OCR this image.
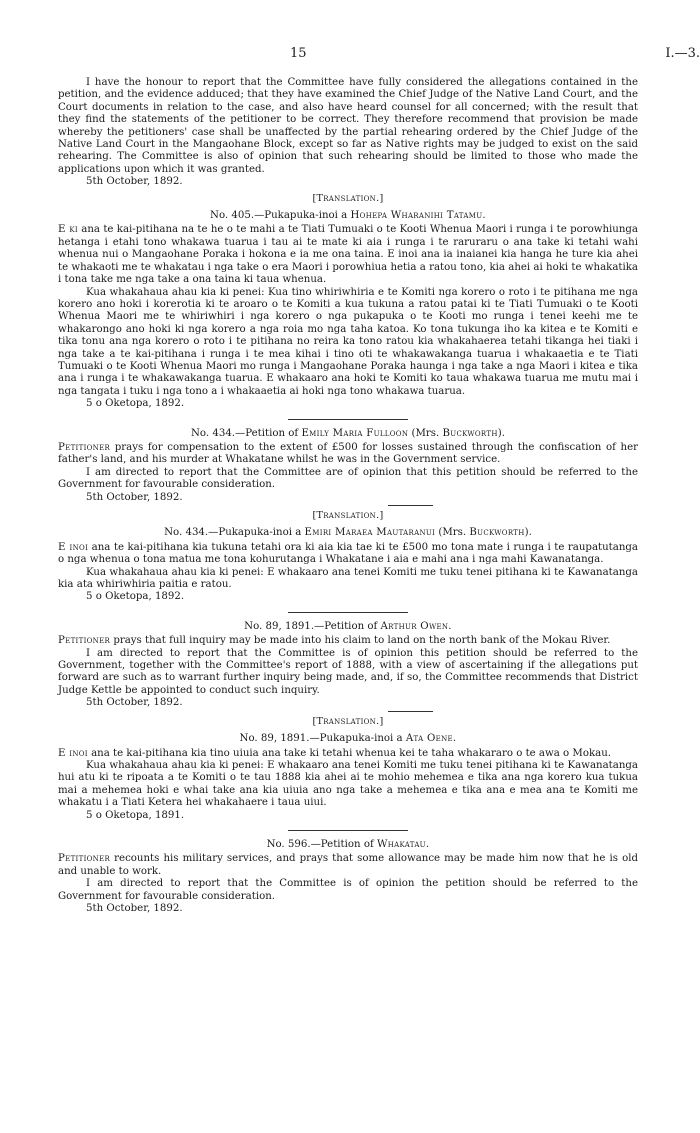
15	I.—3.

I have the honour to report that the Committee have fully considered the allegations contained in the petition, and the evidence adduced; that they have examined the Chief Judge of the Native Land Court, and the Court documents in relation to the case, and also have heard counsel for all concerned; with the result that they find the statements of the petitioner to be correct. They therefore recommend that provision be made whereby the petitioners' case shall be unaffected by the partial rehearing ordered by the Chief Judge of the Native Land Court in the Mangaohane Block, except so far as Native rights may be judged to exist on the said rehearing. The Committee is also of opinion that such rehearing should be limited to those who made the applications upon which it was granted.

5th October, 1892.

[Translation.]

No. 405.—Pukapuka-inoi a Hohepa Wharanihi Tatamu.

E ki ana te kai-pitihana na te he o te mahi a te Tiati Tumuaki o te Kooti Whenua Maori i runga i te porowhiunga hetanga i etahi tono whakawa tuarua i tau ai te mate ki aia i runga i te raruraru o ana take ki tetahi wahi whenua nui o Mangaohane Poraka i hokona e ia me ona taina. E inoi ana ia inaianei kia hanga he ture kia ahei te whakaoti me te whakatau i nga take o era Maori i porowhiua hetia a ratou tono, kia ahei ai hoki te whakatika i tona take me nga take a ona taina ki taua whenua.

Kua whakahaua ahau kia ki penei: Kua tino whiriwhiria e te Komiti nga korero o roto i te pitihana me nga korero ano hoki i korerotia ki te aroaro o te Komiti a kua tukuna a ratou patai ki te Tiati Tumuaki o te Kooti Whenua Maori me te whiriwhiri i nga korero o nga pukapuka o te Kooti mo runga i tenei keehi me te whakarongo ano hoki ki nga korero a nga roia mo nga taha katoa. Ko tona tukunga iho ka kitea e te Komiti e tika tonu ana nga korero o roto i te pitihana no reira ka tono ratou kia whakahaerea tetahi tikanga hei tiaki i nga take a te kai-pitihana i runga i te mea kihai i tino oti te whakawakanga tuarua i whakaaetia e te Tiati Tumuaki o te Kooti Whenua Maori mo runga i Mangaohane Poraka haunga i nga take a nga Maori i kitea e tika ana i runga i te whakawakanga tuarua. E whakaaro ana hoki te Komiti ko taua whakawa tuarua me mutu mai i nga tangata i tuku i nga tono a i whakaaetia ai hoki nga tono whakawa tuarua.

5 o Oketopa, 1892.

No. 434.—Petition of Emily Maria Fulloon (Mrs. Buckworth).

Petitioner prays for compensation to the extent of £500 for losses sustained through the confiscation of her father's land, and his murder at Whakatane whilst he was in the Government service.

I am directed to report that the Committee are of opinion that this petition should be referred to the Government for favourable consideration.

5th October, 1892.

[Translation.]

No. 434.—Pukapuka-inoi a Emiri Maraea Mautaranui (Mrs. Buckworth).

E inoi ana te kai-pitihana kia tukuna tetahi ora ki aia kia tae ki te £500 mo tona mate i runga i te raupatutanga o nga whenua o tona matua me tona kohurutanga i Whakatane i aia e mahi ana i nga mahi Kawanatanga.

Kua whakahaua ahau kia ki penei: E whakaaro ana tenei Komiti me tuku tenei pitihana ki te Kawanatanga kia ata whiriwhiria paitia e ratou.

5 o Oketopa, 1892.

No. 89, 1891.—Petition of Arthur Owen.

Petitioner prays that full inquiry may be made into his claim to land on the north bank of the Mokau River.

I am directed to report that the Committee is of opinion this petition should be referred to the Government, together with the Committee's report of 1888, with a view of ascertaining if the allegations put forward are such as to warrant further inquiry being made, and, if so, the Committee recommends that District Judge Kettle be appointed to conduct such inquiry.

5th October, 1892.

[Translation.]

No. 89, 1891.—Pukapuka-inoi a Ata Oene.

E inoi ana te kai-pitihana kia tino uiuia ana take ki tetahi whenua kei te taha whakararo o te awa o Mokau.

Kua whakahaua ahau kia ki penei: E whakaaro ana tenei Komiti me tuku tenei pitihana ki te Kawanatanga hui atu ki te ripoata a te Komiti o te tau 1888 kia ahei ai te mohio mehemea e tika ana nga korero kua tukua mai a mehemea hoki e whai take ana kia uiuia ano nga take a mehemea e tika ana e mea ana te Komiti me whakatu i a Tiati Ketera hei whakahaere i taua uiui.

5 o Oketopa, 1891.

No. 596.—Petition of Whakatau.

Petitioner recounts his military services, and prays that some allowance may be made him now that he is old and unable to work.

I am directed to report that the Committee is of opinion the petition should be referred to the Government for favourable consideration.

5th October, 1892.
